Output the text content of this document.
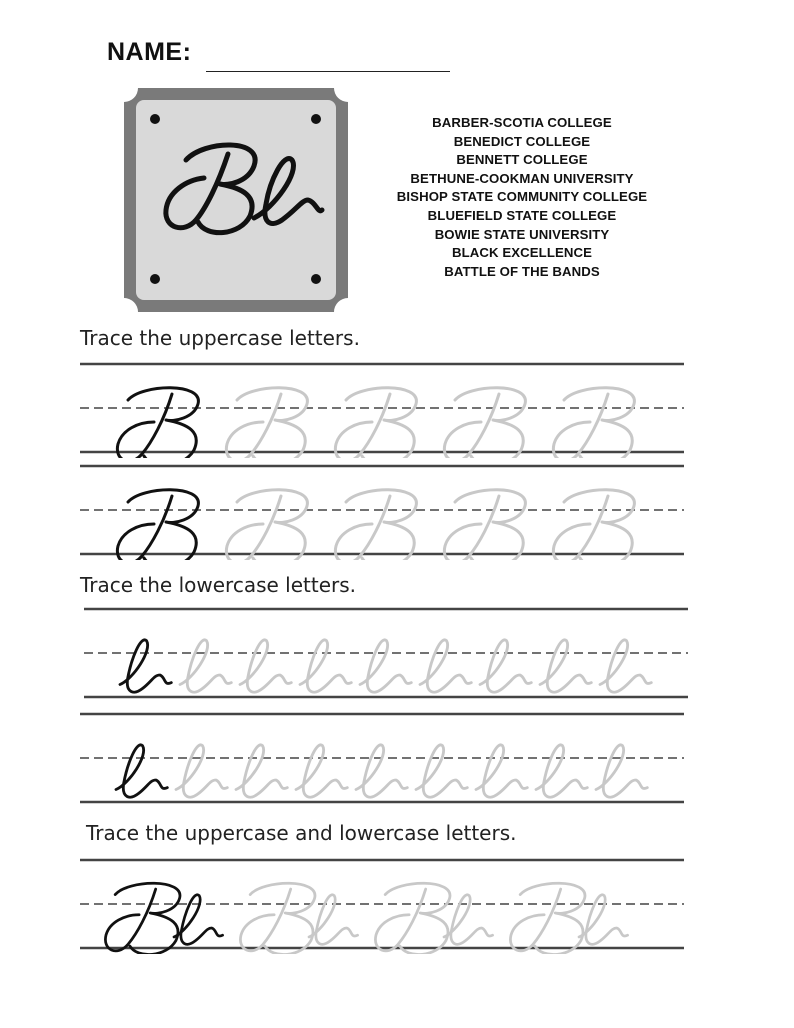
NAME:
BARBER-SCOTIA COLLEGE
BENEDICT COLLEGE
BENNETT COLLEGE
BETHUNE-COOKMAN UNIVERSITY
BISHOP STATE COMMUNITY COLLEGE
BLUEFIELD STATE COLLEGE
BOWIE STATE UNIVERSITY
BLACK EXCELLENCE
BATTLE OF THE BANDS
Trace the uppercase letters.
Trace the lowercase letters.
Trace the uppercase and lowercase letters.
